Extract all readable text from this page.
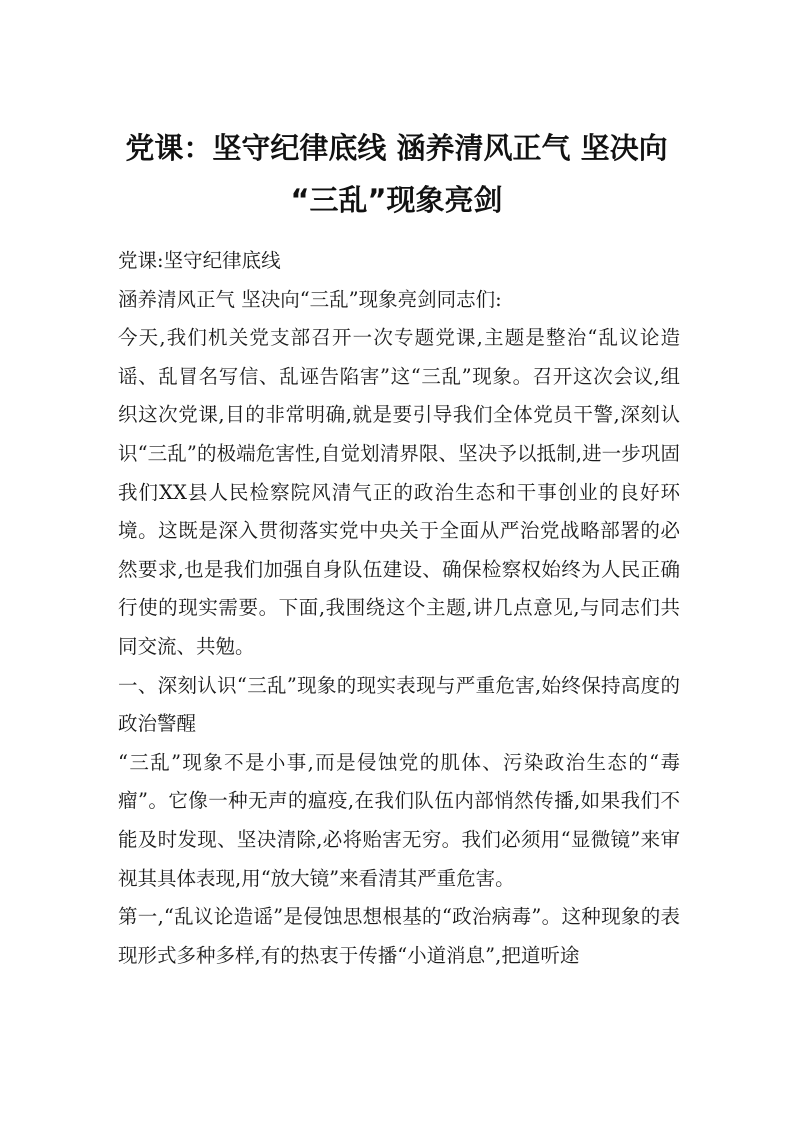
党课：坚守纪律底线 涵养清风正气 坚决向
“三乱”现象亮剑

党课:坚守纪律底线

涵养清风正气 坚决向“三乱”现象亮剑同志们:

今天,我们机关党支部召开一次专题党课,主题是整治“乱议论造谣、乱冒名写信、乱诬告陷害”这“三乱”现象。召开这次会议,组织这次党课,目的非常明确,就是要引导我们全体党员干警,深刻认识“三乱”的极端危害性,自觉划清界限、坚决予以抵制,进一步巩固我们XX县人民检察院风清气正的政治生态和干事创业的良好环境。这既是深入贯彻落实党中央关于全面从严治党战略部署的必然要求,也是我们加强自身队伍建设、确保检察权始终为人民正确行使的现实需要。下面,我围绕这个主题,讲几点意见,与同志们共同交流、共勉。

一、深刻认识“三乱”现象的现实表现与严重危害,始终保持高度的政治警醒

“三乱”现象不是小事,而是侵蚀党的肌体、污染政治生态的“毒瘤”。它像一种无声的瘟疫,在我们队伍内部悄然传播,如果我们不能及时发现、坚决清除,必将贻害无穷。我们必须用“显微镜”来审视其具体表现,用“放大镜”来看清其严重危害。

第一,“乱议论造谣”是侵蚀思想根基的“政治病毒”。这种现象的表现形式多种多样,有的热衷于传播“小道消息”,把道听途
